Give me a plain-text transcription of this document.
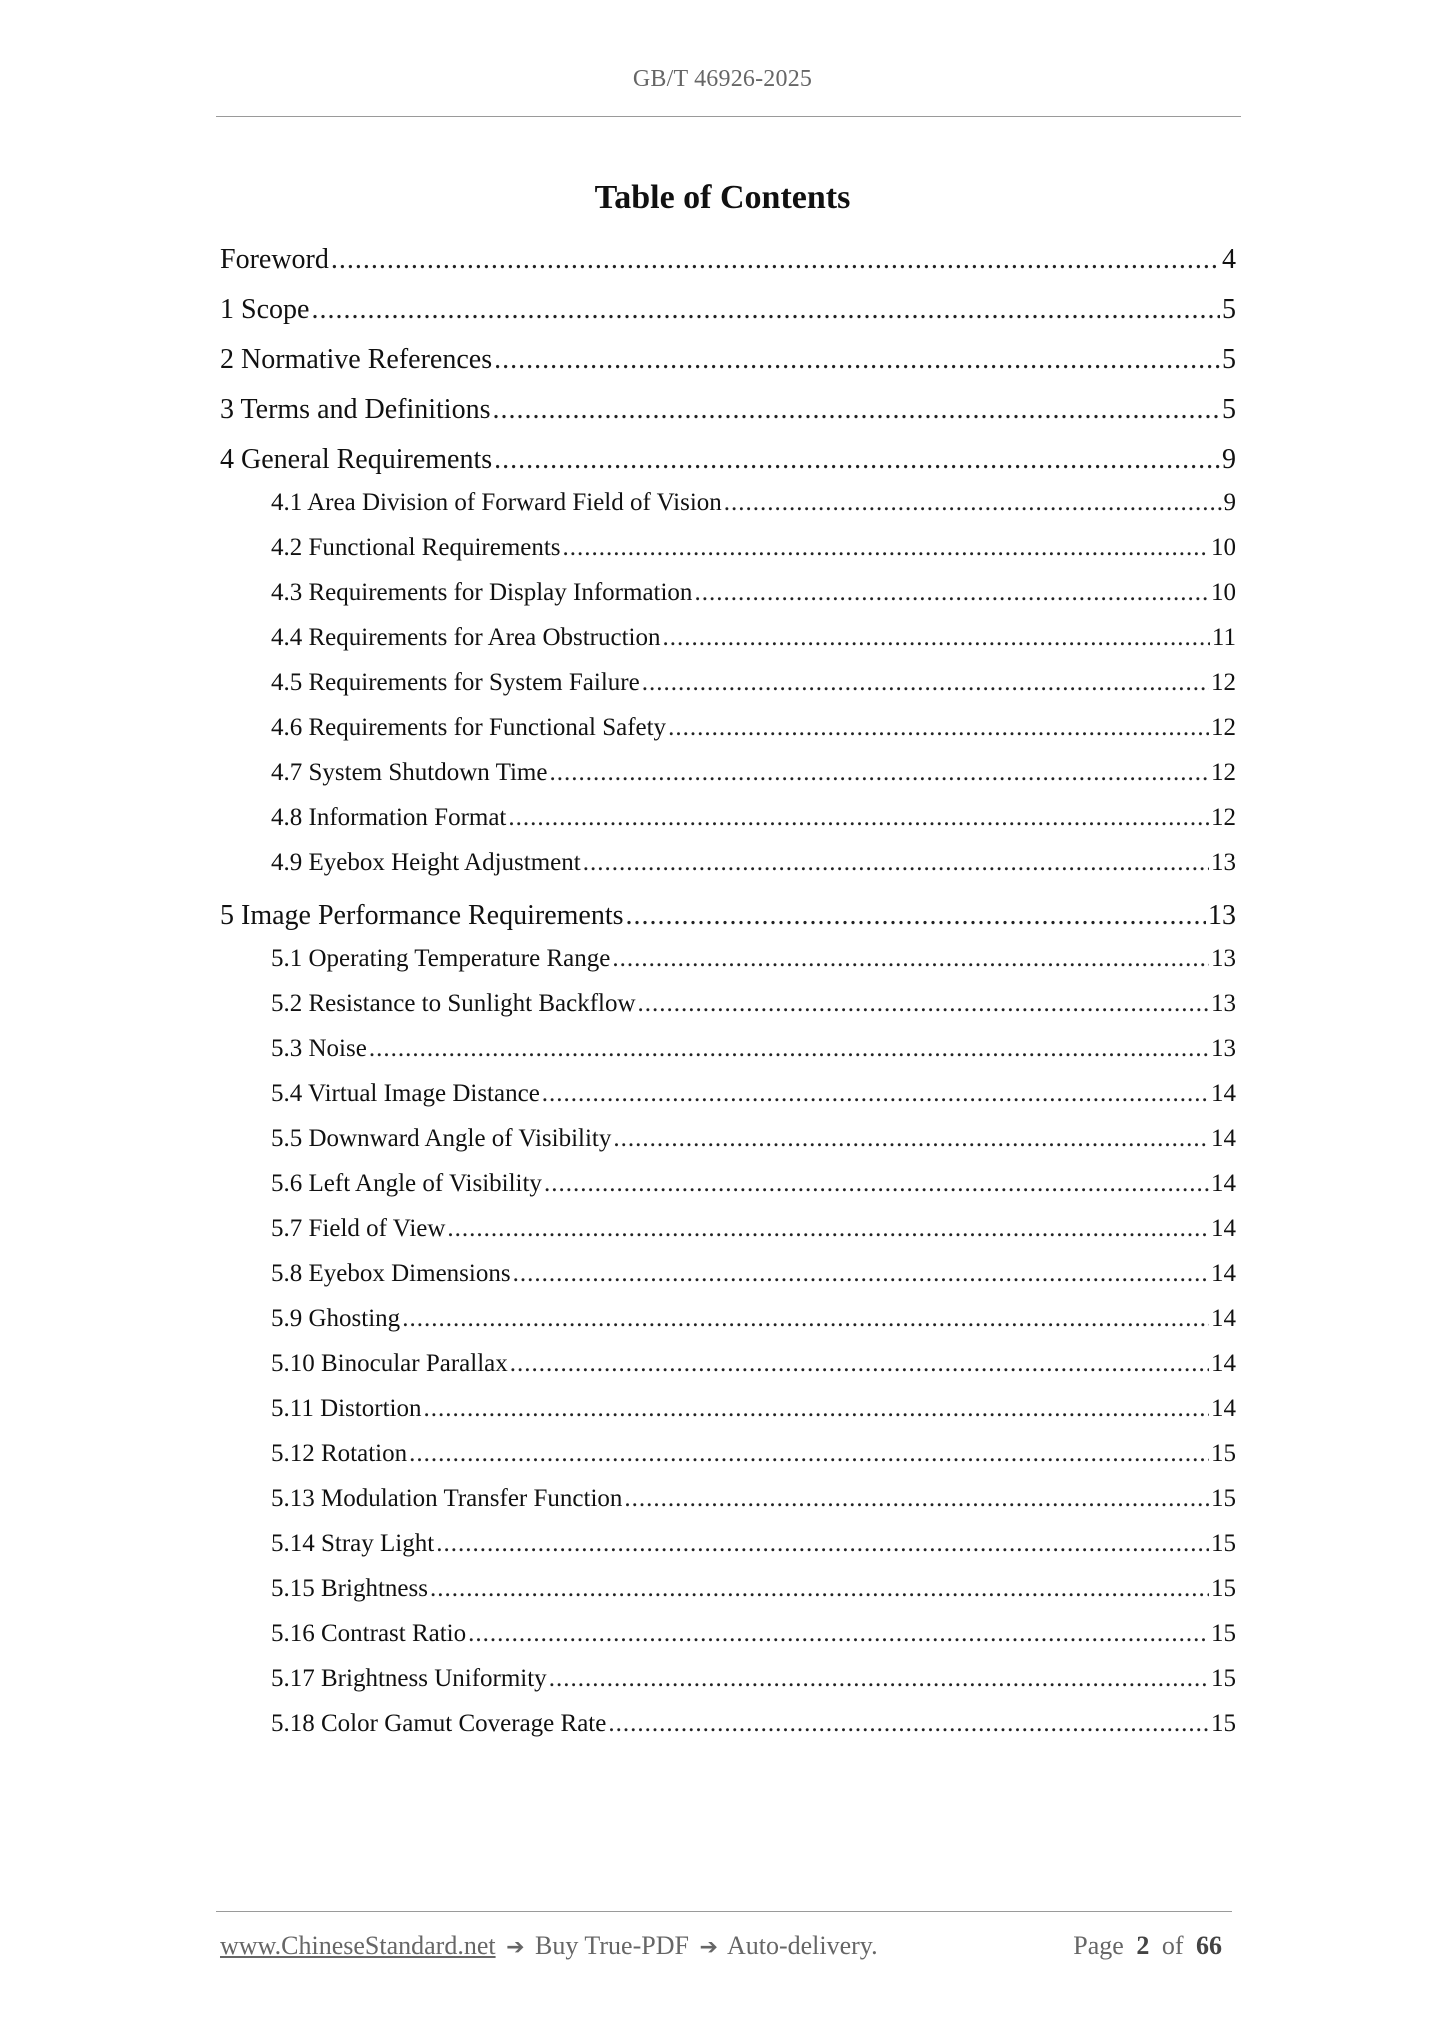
GB/T 46926-2025
Table of Contents
Foreword .....	4
1 Scope .....	5
2 Normative References .....	5
3 Terms and Definitions .....	5
4 General Requirements .....	9
4.1 Area Division of Forward Field of Vision .....	9
4.2 Functional Requirements .....	10
4.3 Requirements for Display Information .....	10
4.4 Requirements for Area Obstruction .....	11
4.5 Requirements for System Failure .....	12
4.6 Requirements for Functional Safety .....	12
4.7 System Shutdown Time .....	12
4.8 Information Format .....	12
4.9 Eyebox Height Adjustment .....	13
5 Image Performance Requirements .....	13
5.1 Operating Temperature Range .....	13
5.2 Resistance to Sunlight Backflow .....	13
5.3 Noise .....	13
5.4 Virtual Image Distance .....	14
5.5 Downward Angle of Visibility .....	14
5.6 Left Angle of Visibility .....	14
5.7 Field of View .....	14
5.8 Eyebox Dimensions .....	14
5.9 Ghosting .....	14
5.10 Binocular Parallax .....	14
5.11 Distortion .....	14
5.12 Rotation .....	15
5.13 Modulation Transfer Function .....	15
5.14 Stray Light .....	15
5.15 Brightness .....	15
5.16 Contrast Ratio .....	15
5.17 Brightness Uniformity .....	15
5.18 Color Gamut Coverage Rate .....	15
www.ChineseStandard.net ➔ Buy True-PDF ➔ Auto-delivery.	Page 2 of 66
